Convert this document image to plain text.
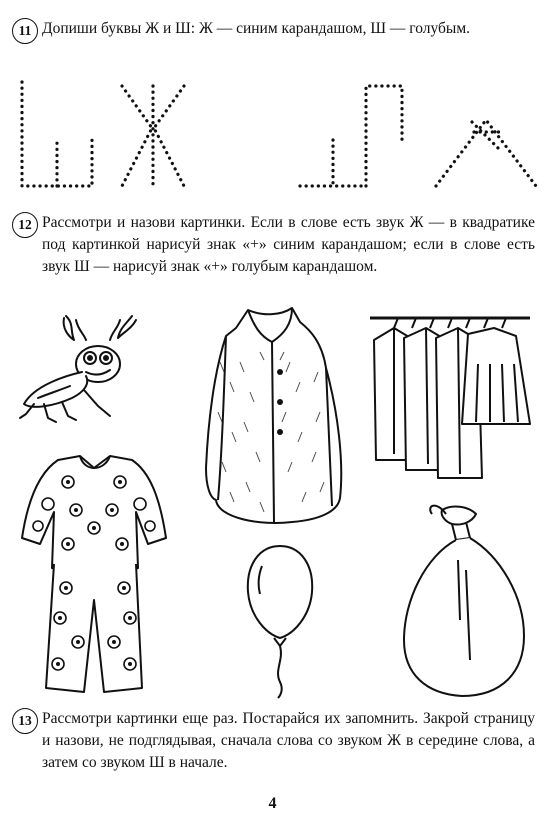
11 Допиши буквы Ж и Ш: Ж — синим карандашом, Ш — голубым.
12 Рассмотри и назови картинки. Если в слове есть звук Ж — в квадратике под картинкой нарисуй знак «+» синим карандашом; если в слове есть звук Ш — нарисуй знак «+» голубым карандашом.
13 Рассмотри картинки еще раз. Постарайся их запомнить. Закрой страницу и назови, не подглядывая, сначала слова со звуком Ж в середине слова, а затем со звуком Ш в начале.
4
